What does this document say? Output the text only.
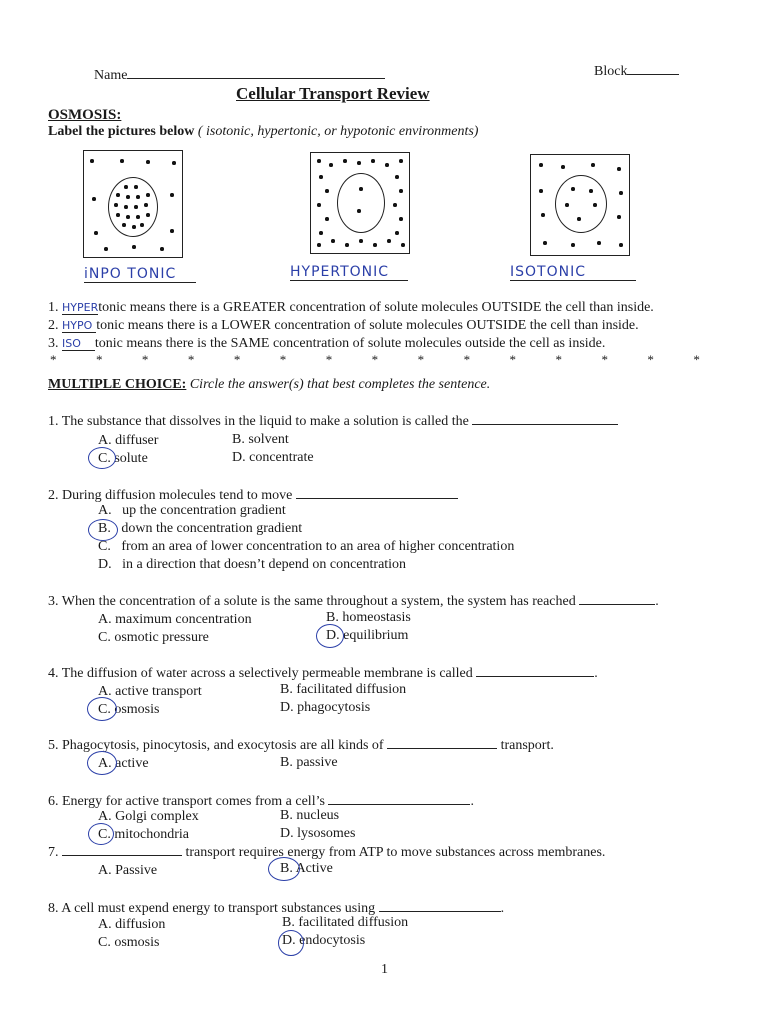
Name	Block
Cellular Transport Review
OSMOSIS:
Label the pictures below ( isotonic, hypertonic, or hypotonic environments)
iNPO TONIC	HYPERTONIC	ISOTONIC
1. HYPERtonic means there is a GREATER concentration of solute molecules OUTSIDE the cell than inside.
2. HYPO tonic means there is a LOWER concentration of solute molecules OUTSIDE the cell than inside.
3. ISO tonic means there is the SAME concentration of solute molecules outside the cell as inside.
*	*	*	*	*	*	*	*	*	*	*	*	*	*	*
MULTIPLE CHOICE: Circle the answer(s) that best completes the sentence.
1. The substance that dissolves in the liquid to make a solution is called the
A. diffuser	B. solvent
C. solute	D. concentrate
2. During diffusion molecules tend to move
A. up the concentration gradient
B. down the concentration gradient
C. from an area of lower concentration to an area of higher concentration
D. in a direction that doesn’t depend on concentration
3. When the concentration of a solute is the same throughout a system, the system has reached	.
A. maximum concentration	B. homeostasis
C. osmotic pressure	D. equilibrium
4. The diffusion of water across a selectively permeable membrane is called	.
A. active transport	B. facilitated diffusion
C. osmosis	D. phagocytosis
5. Phagocytosis, pinocytosis, and exocytosis are all kinds of	transport.
A. active	B. passive
6. Energy for active transport comes from a cell’s	.
A. Golgi complex	B. nucleus
C. mitochondria	D. lysosomes
7.	transport requires energy from ATP to move substances across membranes.
A. Passive	B. Active
8. A cell must expend energy to transport substances using	.
A. diffusion	B. facilitated diffusion
C. osmosis	D. endocytosis
1
